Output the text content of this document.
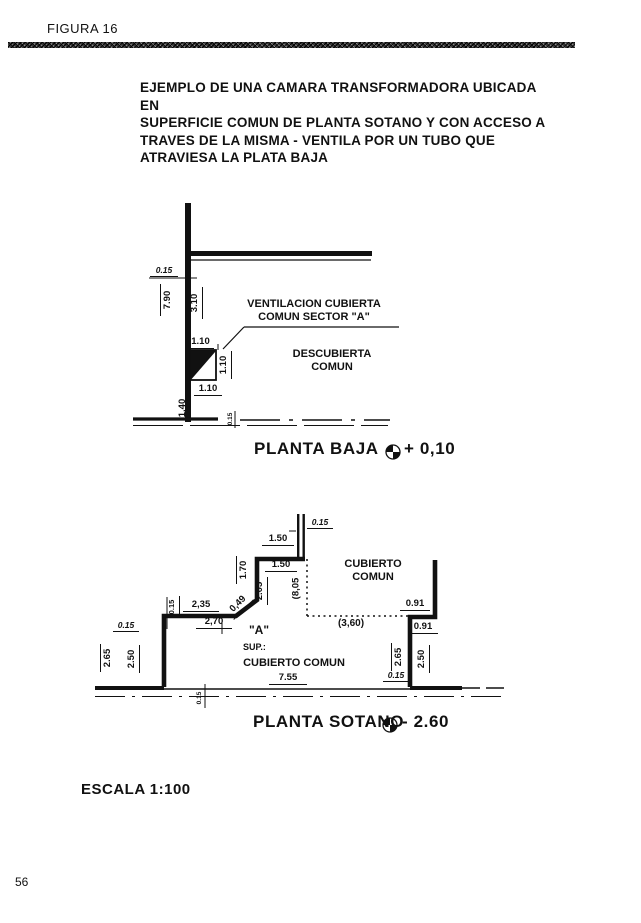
FIGURA 16
EJEMPLO DE UNA CAMARA TRANSFORMADORA UBICADA EN
SUPERFICIE COMUN DE PLANTA SOTANO Y CON ACCESO A
TRAVES DE LA MISMA - VENTILA POR UN TUBO QUE
ATRAVIESA LA PLATA BAJA
0.15
7.90 3.10	VENTILACION CUBIERTA
COMUN SECTOR "A"
1.10
1.10
DESCUBIERTA
COMUN
1.10
1.40
0.15
PLANTA BAJA + 0,10
0.15
1.50
1.50
1.70
2.05	(8,05
0,49
2,35
0.15
2,70
0.15
2.65 2.50
"A"
SUP.:
CUBIERTO COMUN
7.55
CUBIERTO
COMUN
(3,60)
0.91
0.91
2.65 2.50
0.15
0.15
PLANTA SOTANO
- 2.60
ESCALA 1:100
56
